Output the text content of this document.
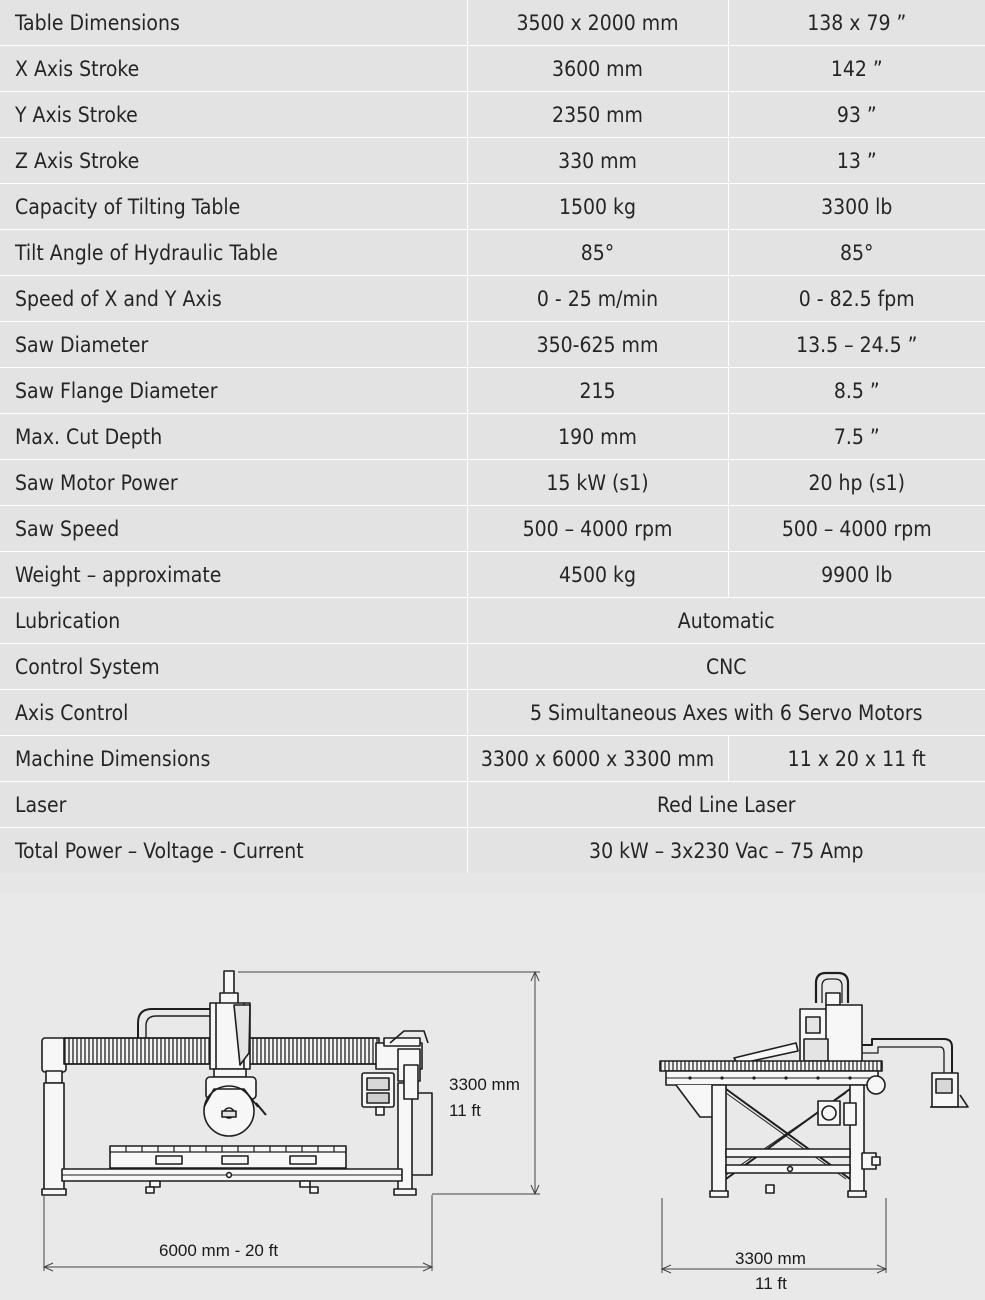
Table Dimensions	3500 x 2000 mm	138 x 79 ”
X Axis Stroke	3600 mm	142 ”
Y Axis Stroke	2350 mm	93 ”
Z Axis Stroke	330 mm	13 ”
Capacity of Tilting Table	1500 kg	3300 lb
Tilt Angle of Hydraulic Table	85°	85°
Speed of X and Y Axis	0 - 25 m/min	0 - 82.5 fpm
Saw Diameter	350-625 mm	13.5 – 24.5 ”
Saw Flange Diameter	215	8.5 ”
Max. Cut Depth	190 mm	7.5 ”
Saw Motor Power	15 kW (s1)	20 hp (s1)
Saw Speed	500 – 4000 rpm	500 – 4000 rpm
Weight – approximate	4500 kg	9900 lb
Lubrication	Automatic	
Control System	CNC	
Axis Control	5 Simultaneous Axes with 6 Servo Motors	
Machine Dimensions	3300 x 6000 x 3300 mm	11 x 20 x 11 ft
Laser	Red Line Laser	
Total Power – Voltage - Current	30 kW – 3x230 Vac – 75 Amp	
3300 mm
11 ft
6000 mm - 20 ft	3300 mm
11 ft
